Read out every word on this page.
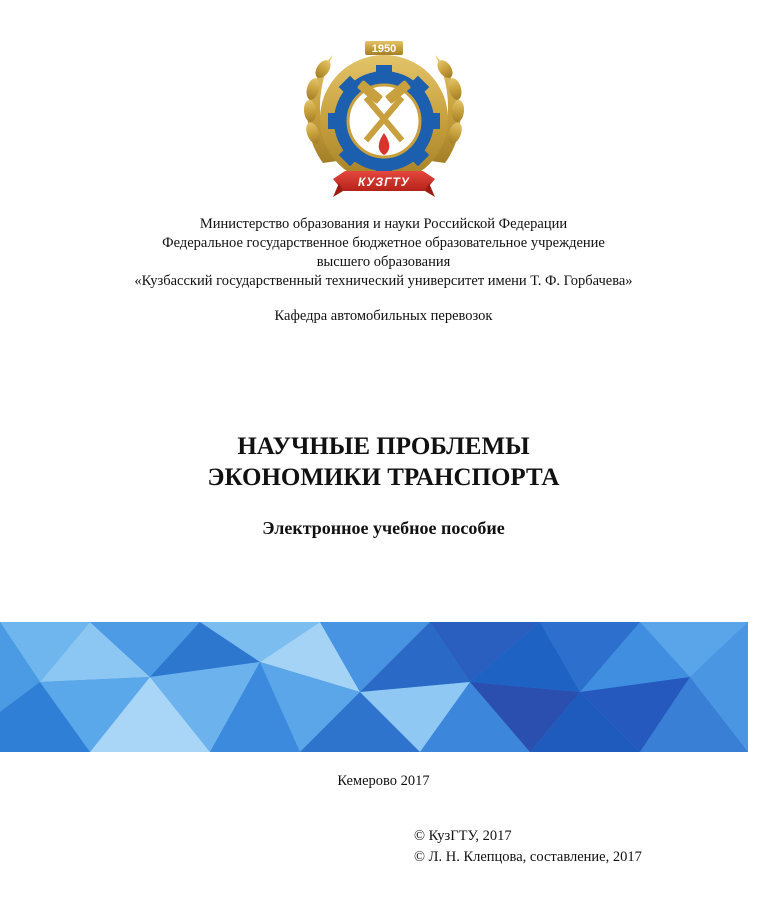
1950
КУЗГТУ
Министерство образования и науки Российской Федерации
Федеральное государственное бюджетное образовательное учреждение
высшего образования
«Кузбасский государственный технический университет имени Т. Ф. Горбачева»
Кафедра автомобильных перевозок
НАУЧНЫЕ ПРОБЛЕМЫ
ЭКОНОМИКИ ТРАНСПОРТА
Электронное учебное пособие
Кемерово 2017
© КузГТУ, 2017
© Л. Н. Клепцова, составление, 2017
